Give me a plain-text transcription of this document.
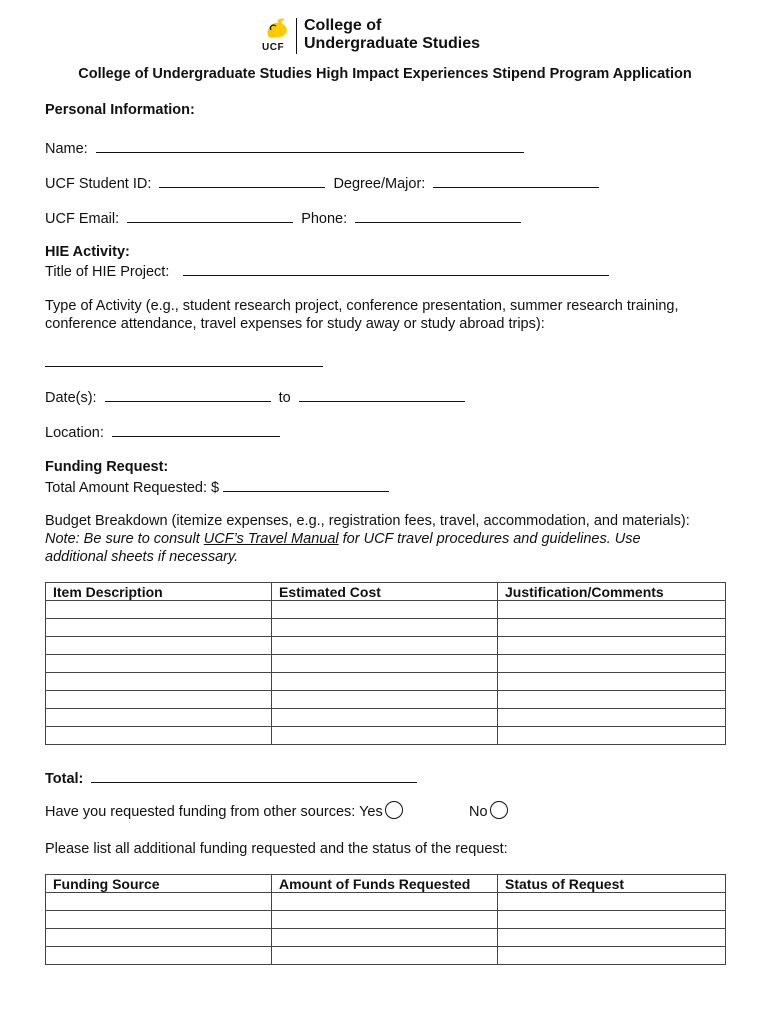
UCF
College of
Undergraduate Studies
College of Undergraduate Studies High Impact Experiences Stipend Program Application
Personal Information:
Name:
UCF Student ID:	Degree/Major:
UCF Email:	Phone:
HIE Activity:
Title of HIE Project:
Type of Activity (e.g., student research project, conference presentation, summer research training,
conference attendance, travel expenses for study away or study abroad trips):
Date(s):	to
Location:
Funding Request:
Total Amount Requested: $
Budget Breakdown (itemize expenses, e.g., registration fees, travel, accommodation, and materials):
Note: Be sure to consult UCF’s Travel Manual for UCF travel procedures and guidelines. Use
additional sheets if necessary.
Item Description	Estimated Cost	Justification/Comments

Total:
Have you requested funding from other sources: Yes	No
Please list all additional funding requested and the status of the request:
Funding Source	Amount of Funds Requested	Status of Request
